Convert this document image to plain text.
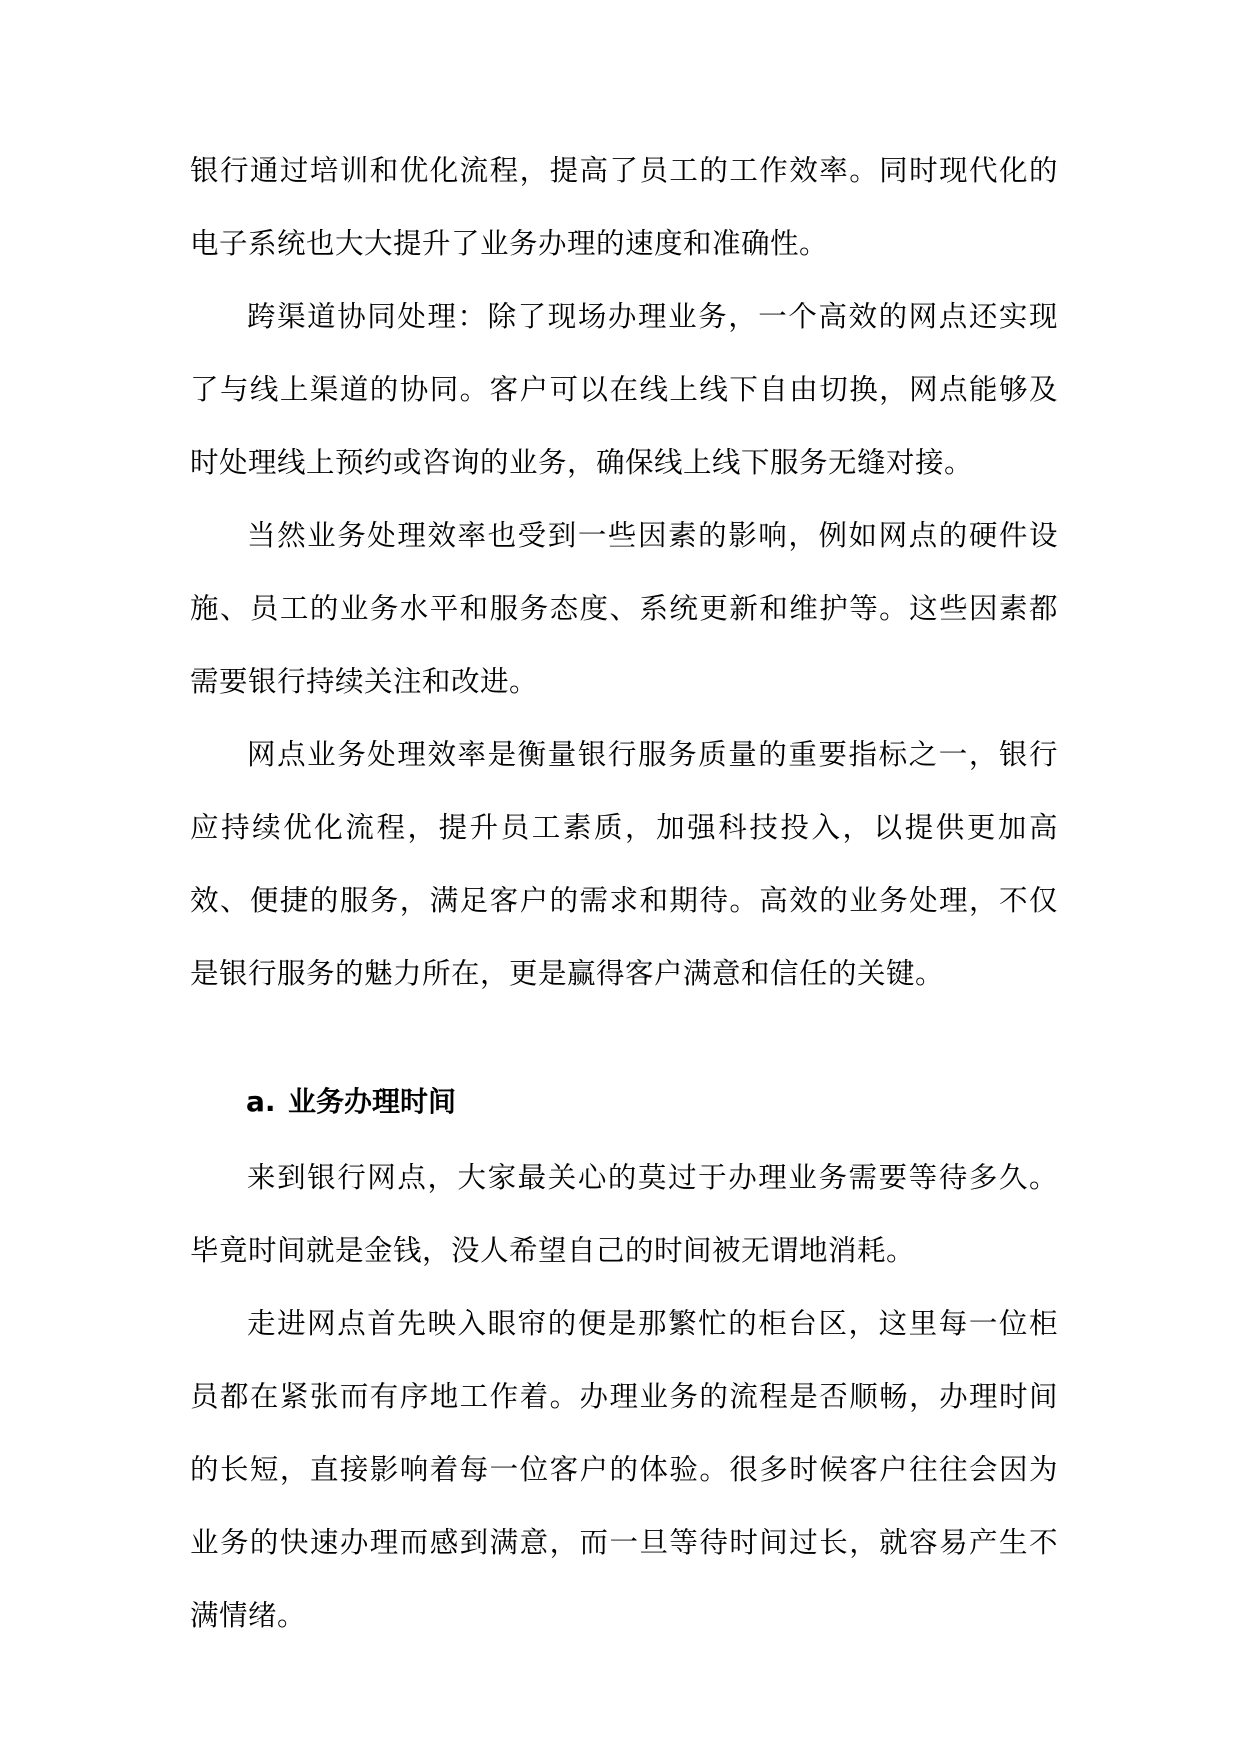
银行通过培训和优化流程，提高了员工的工作效率。同时现代化的电子系统也大大提升了业务办理的速度和准确性。

跨渠道协同处理：除了现场办理业务，一个高效的网点还实现了与线上渠道的协同。客户可以在线上线下自由切换，网点能够及时处理线上预约或咨询的业务，确保线上线下服务无缝对接。

当然业务处理效率也受到一些因素的影响，例如网点的硬件设施、员工的业务水平和服务态度、系统更新和维护等。这些因素都需要银行持续关注和改进。

网点业务处理效率是衡量银行服务质量的重要指标之一，银行应持续优化流程，提升员工素质，加强科技投入，以提供更加高效、便捷的服务，满足客户的需求和期待。高效的业务处理，不仅是银行服务的魅力所在，更是赢得客户满意和信任的关键。

a. 业务办理时间

来到银行网点，大家最关心的莫过于办理业务需要等待多久。毕竟时间就是金钱，没人希望自己的时间被无谓地消耗。

走进网点首先映入眼帘的便是那繁忙的柜台区，这里每一位柜员都在紧张而有序地工作着。办理业务的流程是否顺畅，办理时间的长短，直接影响着每一位客户的体验。很多时候客户往往会因为业务的快速办理而感到满意，而一旦等待时间过长，就容易产生不满情绪。
